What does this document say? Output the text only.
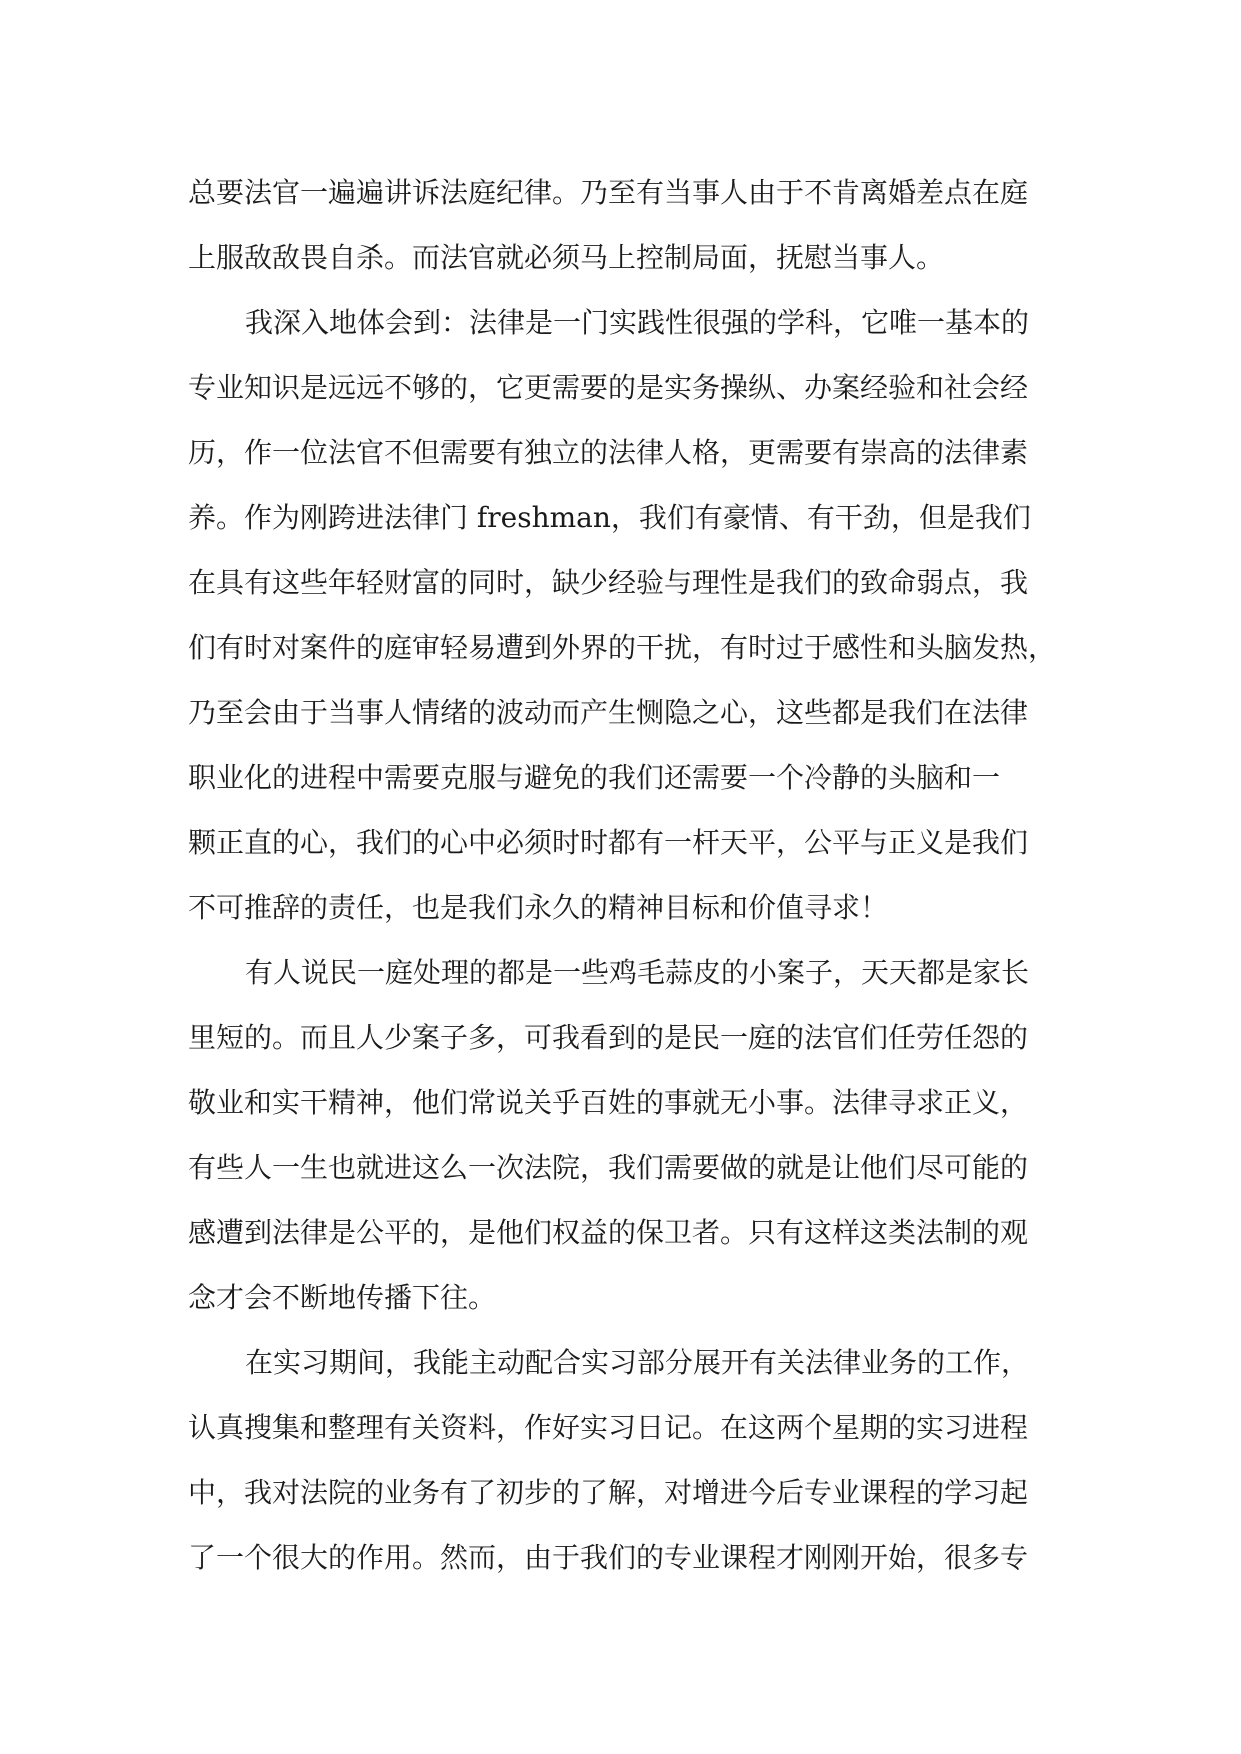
总要法官一遍遍讲诉法庭纪律。乃至有当事人由于不肯离婚差点在庭
上服敌敌畏自杀。而法官就必须马上控制局面，抚慰当事人。
我深入地体会到：法律是一门实践性很强的学科，它唯一基本的
专业知识是远远不够的，它更需要的是实务操纵、办案经验和社会经
历，作一位法官不但需要有独立的法律人格，更需要有崇高的法律素
养。作为刚跨进法律门 freshman，我们有豪情、有干劲，但是我们
在具有这些年轻财富的同时，缺少经验与理性是我们的致命弱点，我
们有时对案件的庭审轻易遭到外界的干扰，有时过于感性和头脑发热，
乃至会由于当事人情绪的波动而产生恻隐之心，这些都是我们在法律
职业化的进程中需要克服与避免的我们还需要一个冷静的头脑和一
颗正直的心，我们的心中必须时时都有一杆天平，公平与正义是我们
不可推辞的责任，也是我们永久的精神目标和价值寻求！
有人说民一庭处理的都是一些鸡毛蒜皮的小案子，天天都是家长
里短的。而且人少案子多，可我看到的是民一庭的法官们任劳任怨的
敬业和实干精神，他们常说关乎百姓的事就无小事。法律寻求正义，
有些人一生也就进这么一次法院，我们需要做的就是让他们尽可能的
感遭到法律是公平的，是他们权益的保卫者。只有这样这类法制的观
念才会不断地传播下往。
在实习期间，我能主动配合实习部分展开有关法律业务的工作，
认真搜集和整理有关资料，作好实习日记。在这两个星期的实习进程
中，我对法院的业务有了初步的了解，对增进今后专业课程的学习起
了一个很大的作用。然而，由于我们的专业课程才刚刚开始，很多专
